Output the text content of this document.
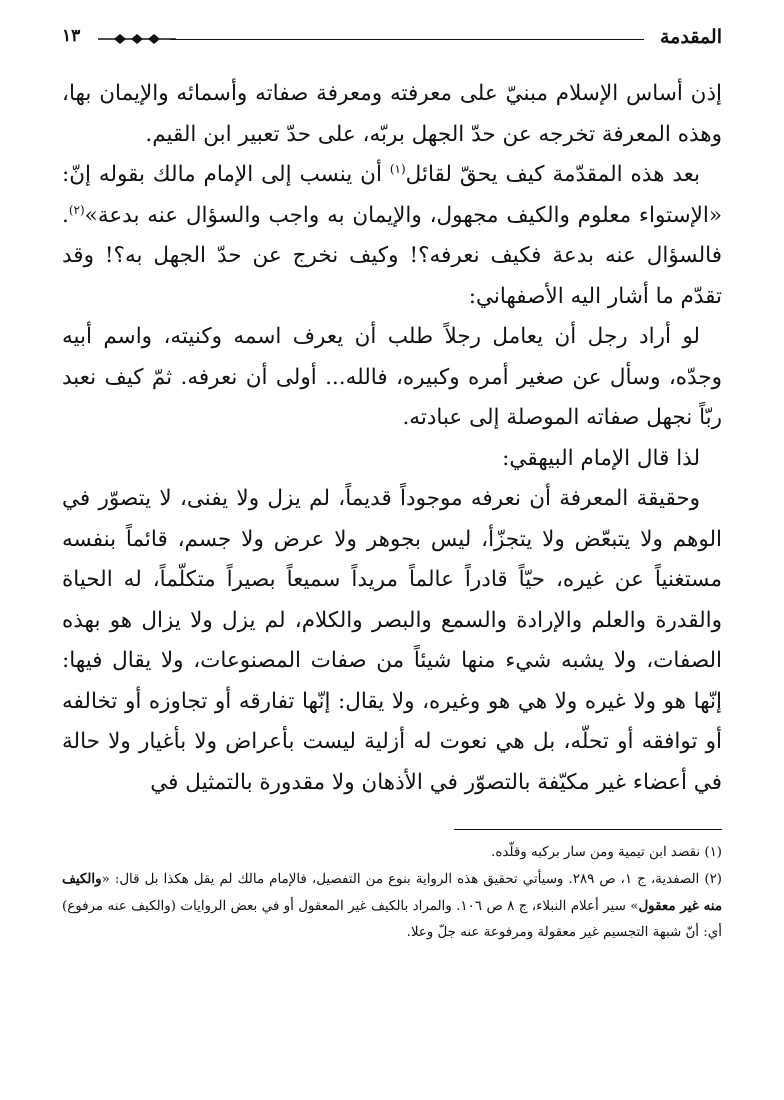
المقدمة
١٣

إذن أساس الإسلام مبنيّ على معرفته ومعرفة صفاته وأسمائه والإيمان بها، وهذه المعرفة تخرجه عن حدّ الجهل بربّه، على حدّ تعبير ابن القيم.

بعد هذه المقدّمة كيف يحقّ لقائل$^{(١)}$ أن ينسب إلى الإمام مالك بقوله إنّ: «الإستواء معلوم والكيف مجهول، والإيمان به واجب والسؤال عنه بدعة»$^{(٢)}$. فالسؤال عنه بدعة فكيف نعرفه؟! وكيف نخرج عن حدّ الجهل به؟! وقد تقدّم ما أشار اليه الأصفهاني:

لو أراد رجل أن يعامل رجلاً طلب أن يعرف اسمه وكنيته، واسم أبيه وجدّه، وسأل عن صغير أمره وكبيره، فالله... أولى أن نعرفه. ثمّ كيف نعبد ربّاً نجهل صفاته الموصلة إلى عبادته.

لذا قال الإمام البيهقي:

وحقيقة المعرفة أن نعرفه موجوداً قديماً، لم يزل ولا يفنى، لا يتصوّر في الوهم ولا يتبعّض ولا يتجزّأ، ليس بجوهر ولا عرض ولا جسم، قائماً بنفسه مستغنياً عن غيره، حيّاً قادراً عالماً مريداً سميعاً بصيراً متكلّماً، له الحياة والقدرة والعلم والإرادة والسمع والبصر والكلام، لم يزل ولا يزال هو بهذه الصفات، ولا يشبه شيء منها شيئاً من صفات المصنوعات، ولا يقال فيها: إنّها هو ولا غيره ولا هي هو وغيره، ولا يقال: إنّها تفارقه أو تجاوزه أو تخالفه أو توافقه أو تحلّه، بل هي نعوت له أزلية ليست بأعراض ولا بأغيار ولا حالة في أعضاء غير مكيّفة بالتصوّر في الأذهان ولا مقدورة بالتمثيل في

(١) نقصد ابن تيمية ومن سار بركبه وقلّده.

(٢) الصفدية، ج ١، ص ٢٨٩. وسيأتي تحقيق هذه الرواية بنوع من التفصيل، فالإمام مالك لم يقل هكذا بل قال: «والكيف منه غير معقول» سير أعلام النبلاء، ج ٨ ص ١٠٦. والمراد بالكيف غير المعقول أو في بعض الروايات (والكيف عنه مرفوع) أي: أنّ شبهة التجسيم غير معقولة ومرفوعة عنه جلّ وعلا.
